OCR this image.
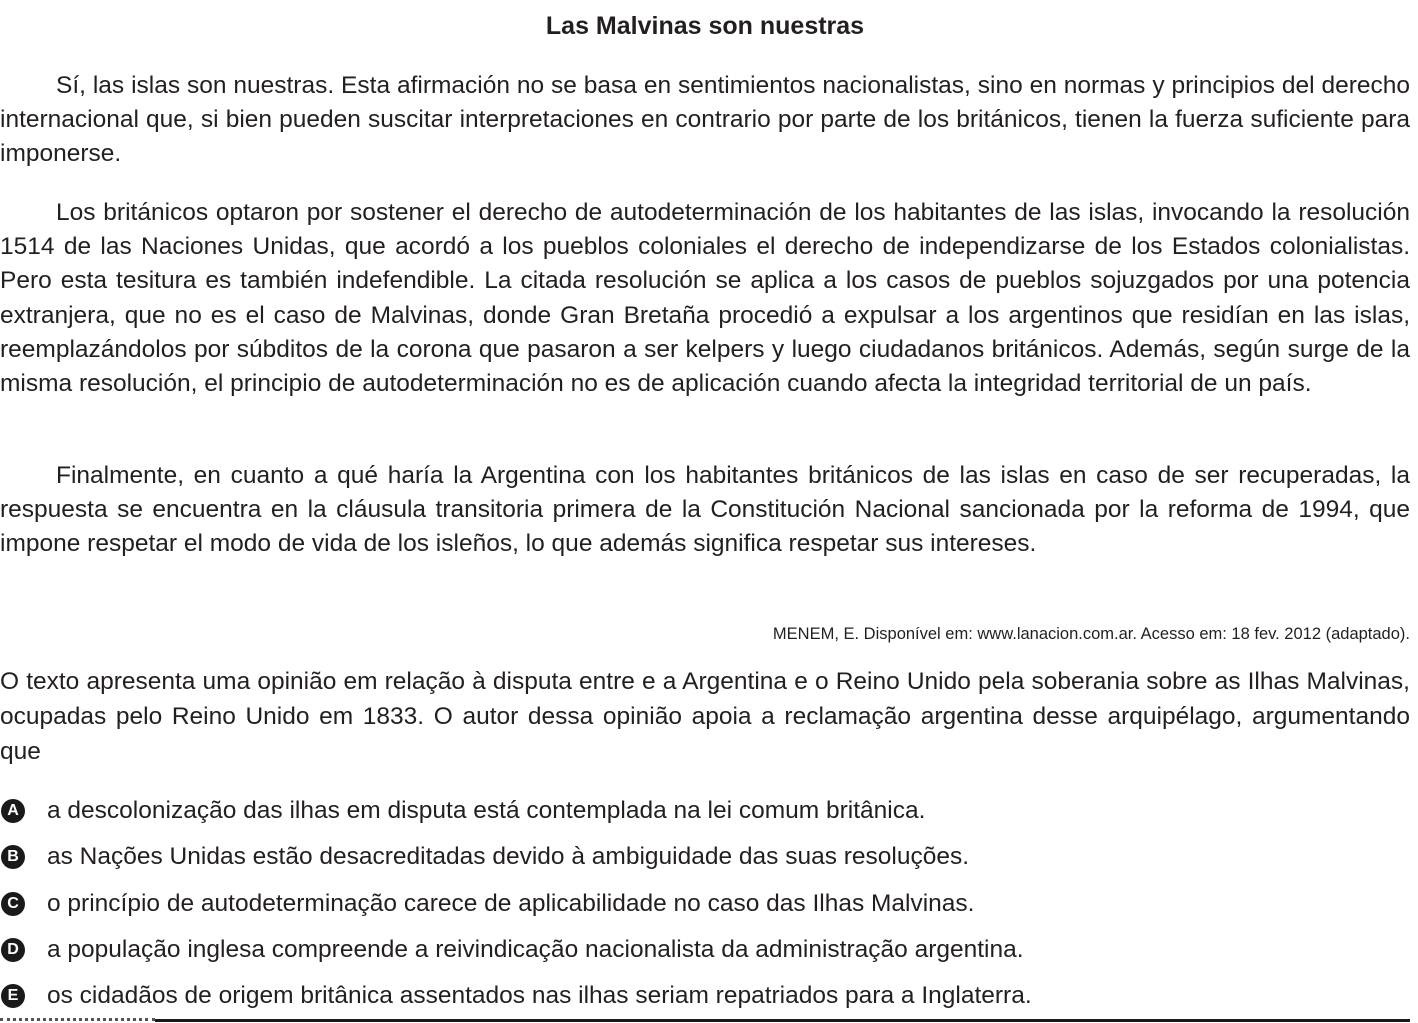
Las Malvinas son nuestras

Sí, las islas son nuestras. Esta afirmación no se basa en sentimientos nacionalistas, sino en normas y principios del derecho internacional que, si bien pueden suscitar interpretaciones en contrario por parte de los británicos, tienen la fuerza suficiente para imponerse.

Los británicos optaron por sostener el derecho de autodeterminación de los habitantes de las islas, invocando la resolución 1514 de las Naciones Unidas, que acordó a los pueblos coloniales el derecho de independizarse de los Estados colonialistas. Pero esta tesitura es también indefendible. La citada resolución se aplica a los casos de pueblos sojuzgados por una potencia extranjera, que no es el caso de Malvinas, donde Gran Bretaña procedió a expulsar a los argentinos que residían en las islas, reemplazándolos por súbditos de la corona que pasaron a ser kelpers y luego ciudadanos británicos. Además, según surge de la misma resolución, el principio de autodeterminación no es de aplicación cuando afecta la integridad territorial de un país.

Finalmente, en cuanto a qué haría la Argentina con los habitantes británicos de las islas en caso de ser recuperadas, la respuesta se encuentra en la cláusula transitoria primera de la Constitución Nacional sancionada por la reforma de 1994, que impone respetar el modo de vida de los isleños, lo que además significa respetar sus intereses.

MENEM, E. Disponível em: www.lanacion.com.ar. Acesso em: 18 fev. 2012 (adaptado).

O texto apresenta uma opinião em relação à disputa entre e a Argentina e o Reino Unido pela soberania sobre as Ilhas Malvinas, ocupadas pelo Reino Unido em 1833. O autor dessa opinião apoia a reclamação argentina desse arquipélago, argumentando que

A a descolonização das ilhas em disputa está contemplada na lei comum britânica.
B as Nações Unidas estão desacreditadas devido à ambiguidade das suas resoluções.
C o princípio de autodeterminação carece de aplicabilidade no caso das Ilhas Malvinas.
D a população inglesa compreende a reivindicação nacionalista da administração argentina.
E os cidadãos de origem britânica assentados nas ilhas seriam repatriados para a Inglaterra.
